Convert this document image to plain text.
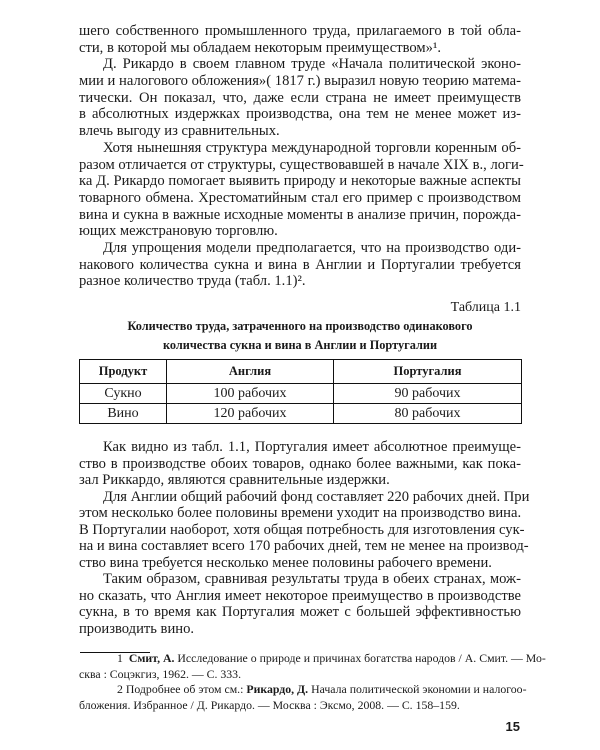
шего собственного промышленного труда, прилагаемого в той обла-
сти, в которой мы обладаем некоторым преимуществом»¹.
Д. Рикардо в своем главном труде «Начала политической эконо-
мии и налогового обложения»( 1817 г.) выразил новую теорию матема-
тически. Он показал, что, даже если страна не имеет преимуществ
в абсолютных издержках производства, она тем не менее может из-
влечь выгоду из сравнительных.
Хотя нынешняя структура международной торговли коренным об-
разом отличается от структуры, существовавшей в начале XIX в., логи-
ка Д. Рикардо помогает выявить природу и некоторые важные аспекты
товарного обмена. Хрестоматийным стал его пример с производством
вина и сукна в важные исходные моменты в анализе причин, порожда-
ющих межстрановую торговлю.
Для упрощения модели предполагается, что на производство оди-
накового количества сукна и вина в Англии и Португалии требуется
разное количество труда (табл. 1.1)².
Таблица 1.1
Количество труда, затраченного на производство одинакового
количества сукна и вина в Англии и Португалии
Продукт	Англия	Португалия
Сукно	100 рабочих	90 рабочих
Вино	120 рабочих	80 рабочих
Как видно из табл. 1.1, Португалия имеет абсолютное преимуще-
ство в производстве обоих товаров, однако более важными, как пока-
зал Риккардо, являются сравнительные издержки.
Для Англии общий рабочий фонд составляет 220 рабочих дней. При
этом несколько более половины времени уходит на производство вина.
В Португалии наоборот, хотя общая потребность для изготовления сук-
на и вина составляет всего 170 рабочих дней, тем не менее на производ-
ство вина требуется несколько менее половины рабочего времени.
Таким образом, сравнивая результаты труда в обеих странах, мож-
но сказать, что Англия имеет некоторое преимущество в производстве
сукна, в то время как Португалия может с большей эффективностью
производить вино.
1 Смит, А. Исследование о природе и причинах богатства народов / А. Смит. — Мо-
сква : Соцэкгиз, 1962. — С. 333.
2 Подробнее об этом см.: Рикардо, Д. Начала политической экономии и налогоо-
бложения. Избранное / Д. Рикардо. — Москва : Эксмо, 2008. — С. 158–159.
15
